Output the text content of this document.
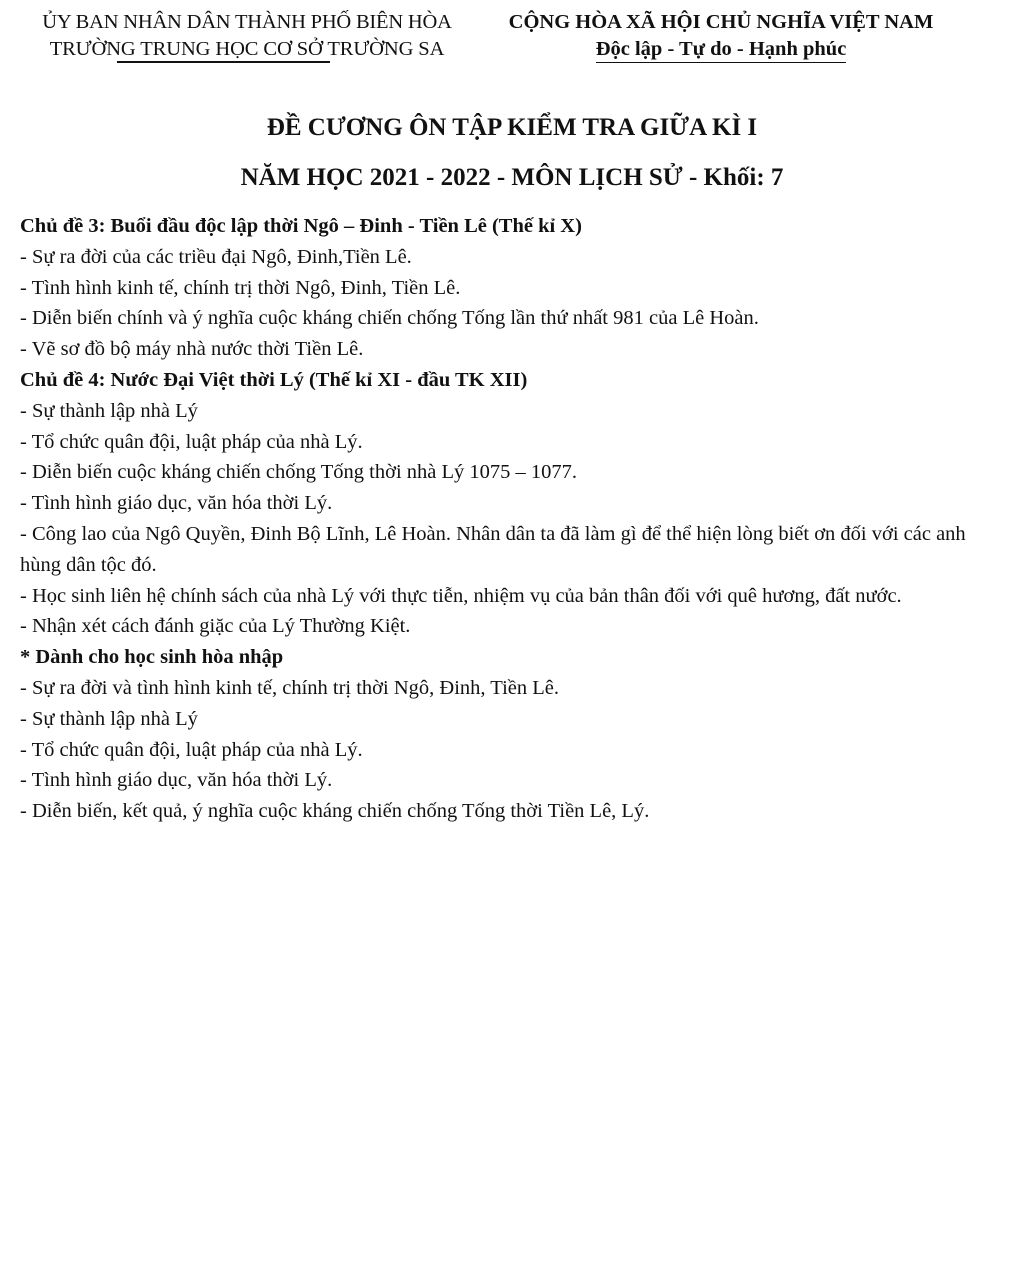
ỦY BAN NHÂN DÂN THÀNH PHỐ BIÊN HÒA
TRƯỜNG TRUNG HỌC CƠ SỞ TRƯỜNG SA
CỘNG HÒA XÃ HỘI CHỦ NGHĨA VIỆT NAM
Độc lập - Tự do - Hạnh phúc
ĐỀ CƯƠNG ÔN TẬP KIỂM TRA GIỮA KÌ I
NĂM HỌC 2021 - 2022 - MÔN LỊCH SỬ - Khối: 7
Chủ đề 3: Buổi đầu độc lập thời Ngô – Đinh - Tiền Lê (Thế kỉ X)
- Sự ra đời của các triều đại Ngô, Đinh,Tiền Lê.
- Tình hình kinh tế, chính trị thời Ngô, Đinh, Tiền Lê.
- Diễn biến chính và ý nghĩa cuộc kháng chiến chống Tống lần thứ nhất 981 của Lê Hoàn.
- Vẽ sơ đồ bộ máy nhà nước thời Tiền Lê.
Chủ đề 4: Nước Đại Việt thời Lý (Thế kỉ XI - đầu TK XII)
- Sự thành lập nhà Lý
- Tổ chức quân đội, luật pháp của nhà Lý.
- Diễn biến cuộc kháng chiến chống Tống thời nhà Lý 1075 – 1077.
- Tình hình giáo dục, văn hóa thời Lý.
- Công lao của Ngô Quyền, Đinh Bộ Lĩnh, Lê Hoàn. Nhân dân ta đã làm gì để thể hiện lòng biết ơn đối với các anh hùng dân tộc đó.
- Học sinh liên hệ chính sách của nhà Lý với thực tiễn, nhiệm vụ của bản thân đối với quê hương, đất nước.
- Nhận xét cách đánh giặc của Lý Thường Kiệt.
* Dành cho học sinh hòa nhập
- Sự ra đời và tình hình kinh tế, chính trị thời Ngô, Đinh, Tiền Lê.
- Sự thành lập nhà Lý
- Tổ chức quân đội, luật pháp của nhà Lý.
- Tình hình giáo dục, văn hóa thời Lý.
- Diễn biến, kết quả, ý nghĩa cuộc kháng chiến chống Tống thời Tiền Lê, Lý.
